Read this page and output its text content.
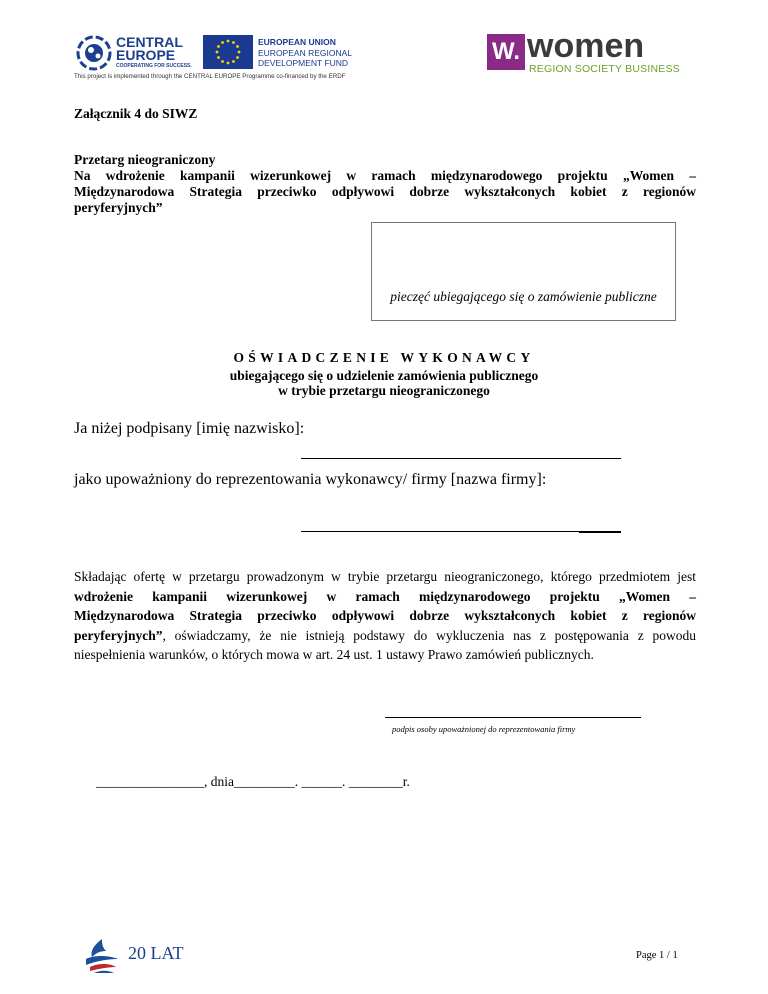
CENTRAL
EUROPE
COOPERATING FOR SUCCESS.
EUROPEAN UNION
EUROPEAN REGIONAL
DEVELOPMENT FUND
This project is implemented through the CENTRAL EUROPE Programme co-financed by the ERDF
W. women
REGION SOCIETY BUSINESS
Załącznik 4 do SIWZ
Przetarg nieograniczony
Na wdrożenie kampanii wizerunkowej w ramach międzynarodowego projektu „Women –
Międzynarodowa Strategia przeciwko odpływowi dobrze wykształconych kobiet z regionów
peryferyjnych”
pieczęć ubiegającego się o zamówienie publiczne
OŚWIADCZENIE WYKONAWCY
ubiegającego się o udzielenie zamówienia publicznego
w trybie przetargu nieograniczonego
Ja niżej podpisany [imię nazwisko]:
jako upoważniony do reprezentowania wykonawcy/ firmy [nazwa firmy]:
Składając ofertę w przetargu prowadzonym w trybie przetargu nieograniczonego, którego przedmiotem jest
wdrożenie kampanii wizerunkowej w ramach międzynarodowego projektu „Women –
Międzynarodowa Strategia przeciwko odpływowi dobrze wykształconych kobiet z regionów
peryferyjnych”, oświadczamy, że nie istnieją podstawy do wykluczenia nas z postępowania z powodu
niespełnienia warunków, o których mowa w art. 24 ust. 1 ustawy Prawo zamówień publicznych.
podpis osoby upoważnionej do reprezentowania firmy
________________, dnia_________. ______. ________r.
20 LAT	Page 1 / 1
